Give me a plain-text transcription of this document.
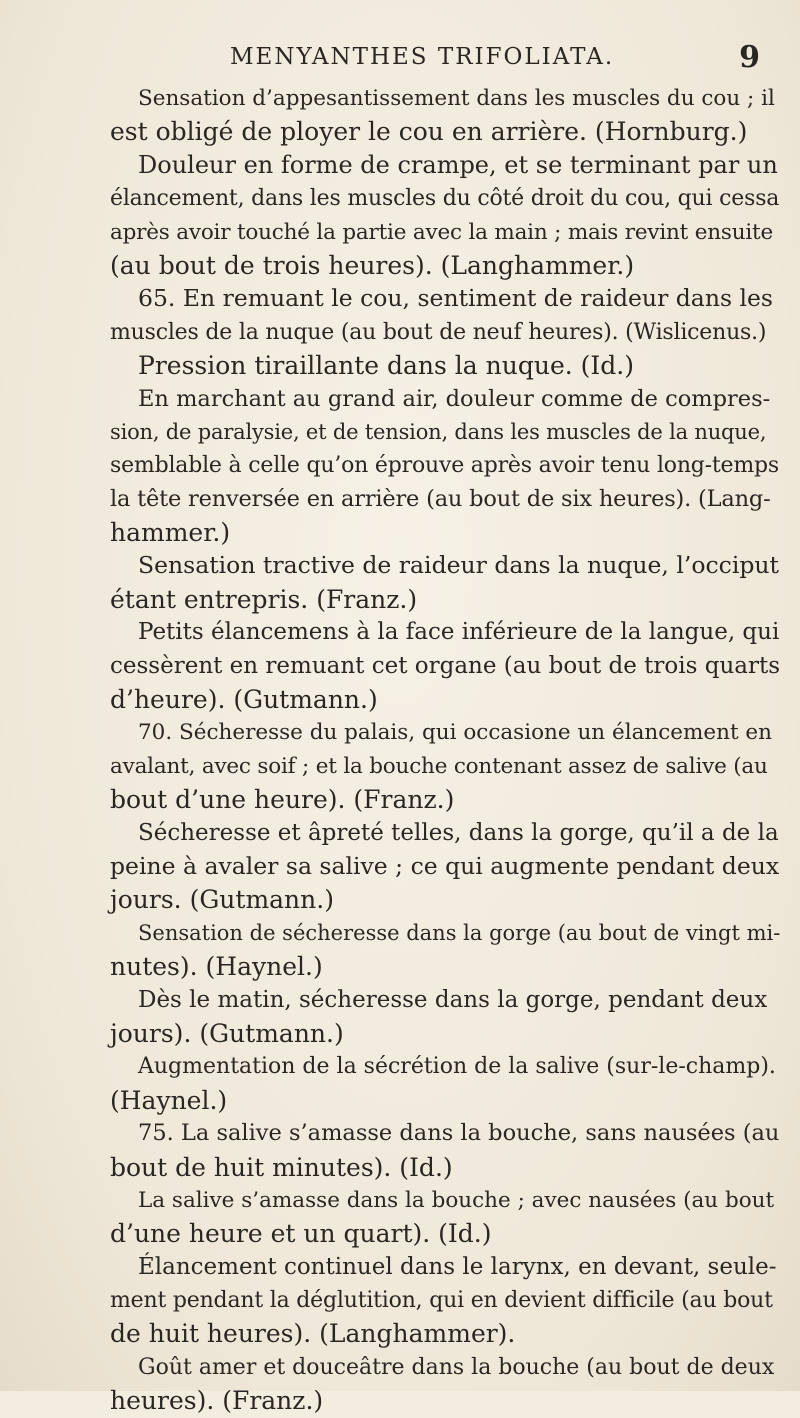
MENYANTHES TRIFOLIATA.	9
Sensation d’appesantissement dans les muscles du cou ; il
est obligé de ployer le cou en arrière. (Hornburg.)
Douleur en forme de crampe, et se terminant par un
élancement, dans les muscles du côté droit du cou, qui cessa
après avoir touché la partie avec la main ; mais revint ensuite
(au bout de trois heures). (Langhammer.)
65. En remuant le cou, sentiment de raideur dans les
muscles de la nuque (au bout de neuf heures). (Wislicenus.)
Pression tiraillante dans la nuque. (Id.)
En marchant au grand air, douleur comme de compres-
sion, de paralysie, et de tension, dans les muscles de la nuque,
semblable à celle qu’on éprouve après avoir tenu long-temps
la tête renversée en arrière (au bout de six heures). (Lang-
hammer.)
Sensation tractive de raideur dans la nuque, l’occiput
étant entrepris. (Franz.)
Petits élancemens à la face inférieure de la langue, qui
cessèrent en remuant cet organe (au bout de trois quarts
d’heure). (Gutmann.)
70. Sécheresse du palais, qui occasione un élancement en
avalant, avec soif ; et la bouche contenant assez de salive (au
bout d’une heure). (Franz.)
Sécheresse et âpreté telles, dans la gorge, qu’il a de la
peine à avaler sa salive ; ce qui augmente pendant deux
jours. (Gutmann.)
Sensation de sécheresse dans la gorge (au bout de vingt mi-
nutes). (Haynel.)
Dès le matin, sécheresse dans la gorge, pendant deux
jours). (Gutmann.)
Augmentation de la sécrétion de la salive (sur-le-champ).
(Haynel.)
75. La salive s’amasse dans la bouche, sans nausées (au
bout de huit minutes). (Id.)
La salive s’amasse dans la bouche ; avec nausées (au bout
d’une heure et un quart). (Id.)
Élancement continuel dans le larynx, en devant, seule-
ment pendant la déglutition, qui en devient difficile (au bout
de huit heures). (Langhammer).
Goût amer et douceâtre dans la bouche (au bout de deux
heures). (Franz.)
